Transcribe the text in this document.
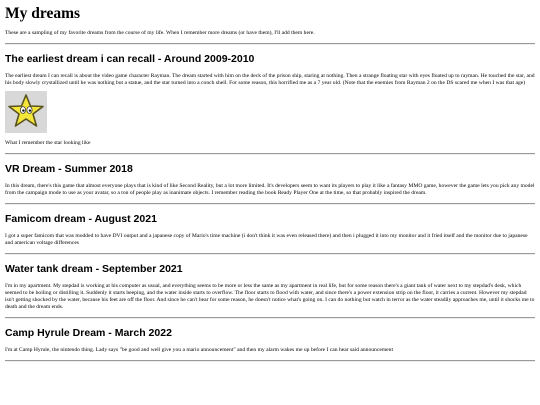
My dreams

These are a sampling of my favorite dreams from the course of my life. When I remember more dreams (or have them), I'll add them here.

The earliest dream i can recall - Around 2009-2010

The earliest dream I can recall is about the video game character Rayman. The dream started with him on the deck of the prison ship, staring at nothing. Then a strange floating star with eyes floated up to rayman. He touched the star, and his body slowly crystallized until he was nothing but a statue, and the star turned into a conch shell. For some reason, this horrified me as a 7 year old. (Note that the enemies from Rayman 2 on the DS scared me when I was that age)

What I remember the star looking like

VR Dream - Summer 2018

In this dream, there's this game that almost everyone plays that is kind of like Second Reality, but a lot more limited. It's developers seem to want its players to play it like a fantasy MMO game, however the game lets you pick any model from the campaign mode to use as your avatar, so a ton of people play as inanimate objects. I remember reading the book Ready Player One at the time, so that probably inspired the dream.

Famicom dream - August 2021

I got a super famicom that was modded to have DVI output and a japanese copy of Mario's time machine (i don't think it was even released there) and then i plugged it into my monitor and it fried itself and the monitor due to japanese and american voltage differences

Water tank dream - September 2021

I'm in my apartment. My stepdad is working at his computer as usual, and everything seems to be more or less the same as my apartment in real life, but for some reason there's a giant tank of water next to my stepdad's desk, which seemed to be boiling or distilling it. Suddenly it starts beeping, and the water inside starts to overflow. The floor starts to flood with water, and since there's a power extension strip on the floor, it carries a current. However my stepdad isn't getting shocked by the water, because his feet are off the floor. And since he can't hear for some reason, he doesn't notice what's going on. I can do nothing but watch in terror as the water steadily approaches me, until it shocks me to death and the dream ends.

Camp Hyrule Dream - March 2022

I'm at Camp Hyrule, the nintendo thing. Lady says "be good and well give you a mario announcement" and then my alarm wakes me up before I can hear said announcement
